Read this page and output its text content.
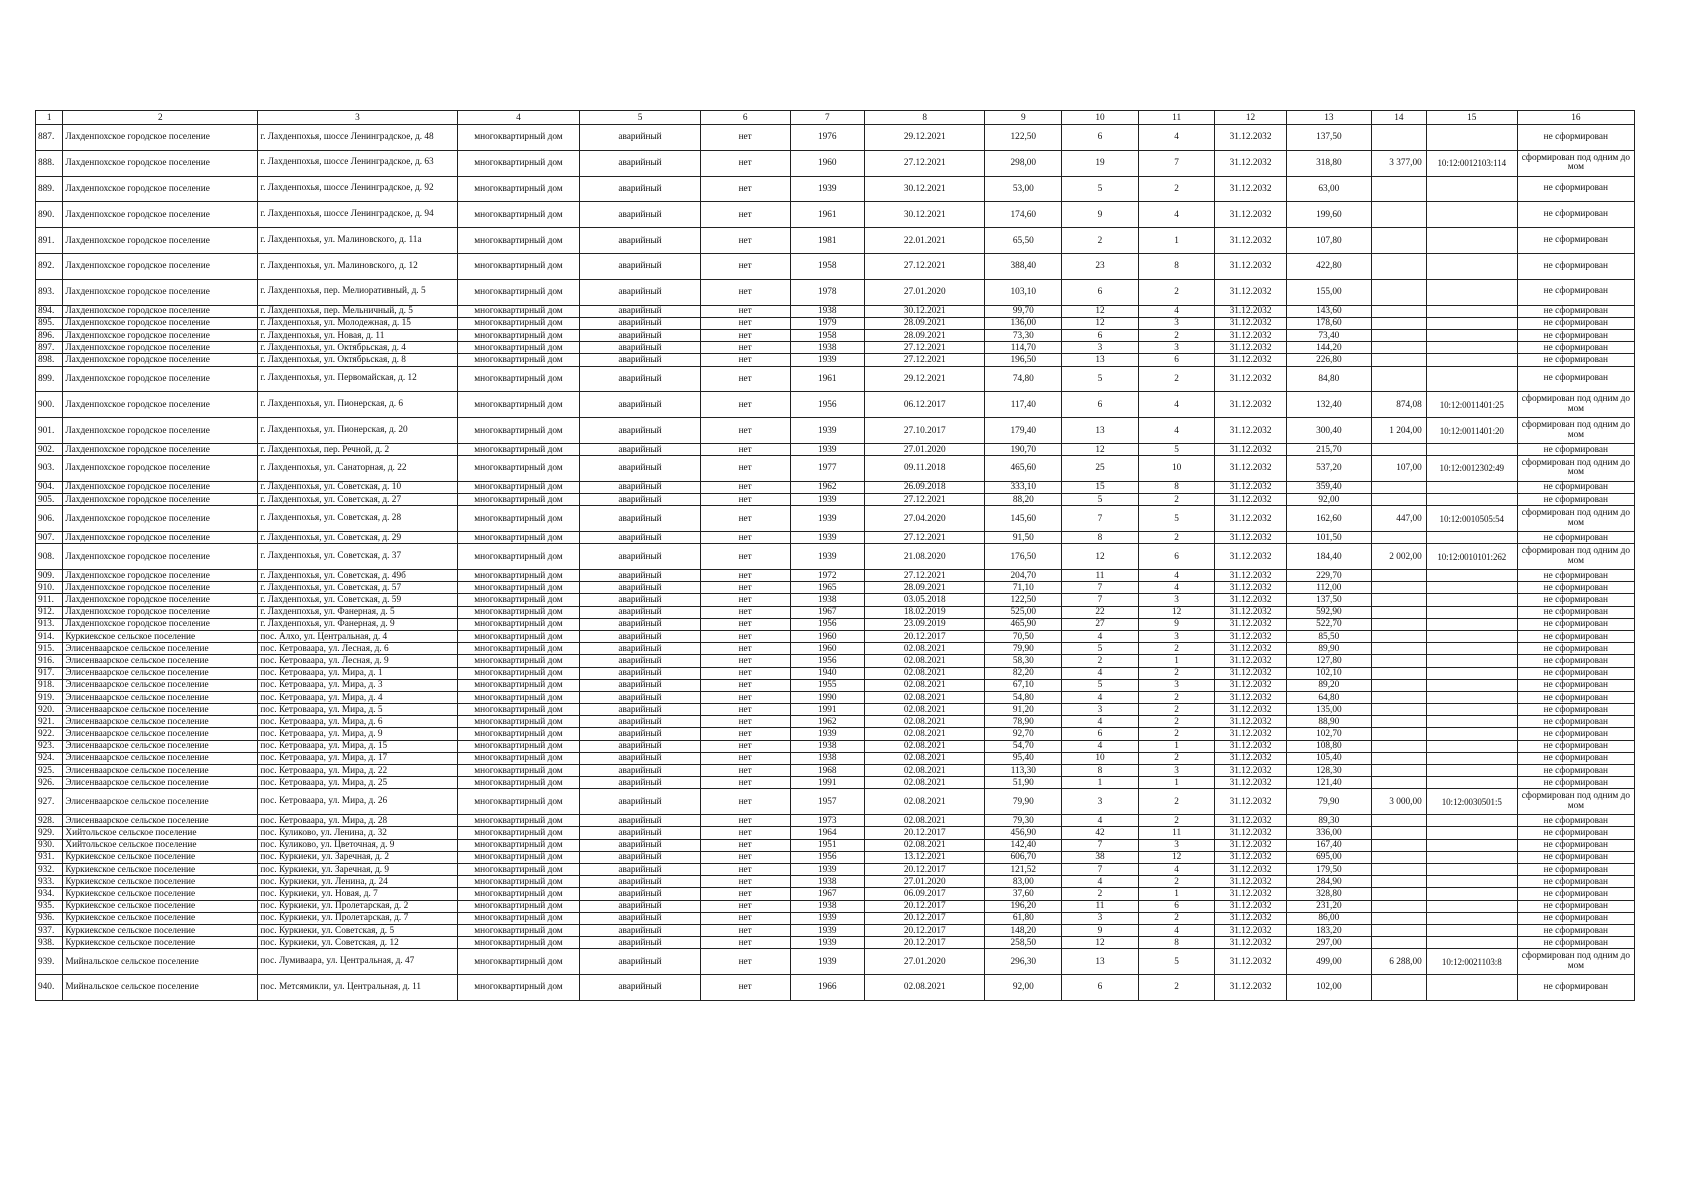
1	2	3	4	5	6	7	8	9	10	11	12	13	14	15	16
887.	Лахденпохское городское поселение	г. Лахденпохья, шоссе Ленинградское, д. 48	многоквартирный дом	аварийный	нет	1976	29.12.2021	122,50	6	4	31.12.2032	137,50			не сформирован
888.	Лахденпохское городское поселение	г. Лахденпохья, шоссе Ленинградское, д. 63	многоквартирный дом	аварийный	нет	1960	27.12.2021	298,00	19	7	31.12.2032	318,80	3 377,00	10:12:0012103:114	сформирован под одним домом
889.	Лахденпохское городское поселение	г. Лахденпохья, шоссе Ленинградское, д. 92	многоквартирный дом	аварийный	нет	1939	30.12.2021	53,00	5	2	31.12.2032	63,00			не сформирован
890.	Лахденпохское городское поселение	г. Лахденпохья, шоссе Ленинградское, д. 94	многоквартирный дом	аварийный	нет	1961	30.12.2021	174,60	9	4	31.12.2032	199,60			не сформирован
891.	Лахденпохское городское поселение	г. Лахденпохья, ул. Малиновского, д. 11а	многоквартирный дом	аварийный	нет	1981	22.01.2021	65,50	2	1	31.12.2032	107,80			не сформирован
892.	Лахденпохское городское поселение	г. Лахденпохья, ул. Малиновского, д. 12	многоквартирный дом	аварийный	нет	1958	27.12.2021	388,40	23	8	31.12.2032	422,80			не сформирован
893.	Лахденпохское городское поселение	г. Лахденпохья, пер. Мелиоративный, д. 5	многоквартирный дом	аварийный	нет	1978	27.01.2020	103,10	6	2	31.12.2032	155,00			не сформирован
894.	Лахденпохское городское поселение	г. Лахденпохья, пер. Мельничный, д. 5	многоквартирный дом	аварийный	нет	1938	30.12.2021	99,70	12	4	31.12.2032	143,60			не сформирован
895.	Лахденпохское городское поселение	г. Лахденпохья, ул. Молодежная, д. 15	многоквартирный дом	аварийный	нет	1979	28.09.2021	136,00	12	3	31.12.2032	178,60			не сформирован
896.	Лахденпохское городское поселение	г. Лахденпохья, ул. Новая, д. 11	многоквартирный дом	аварийный	нет	1958	28.09.2021	73,30	6	2	31.12.2032	73,40			не сформирован
897.	Лахденпохское городское поселение	г. Лахденпохья, ул. Октябрьская, д. 4	многоквартирный дом	аварийный	нет	1938	27.12.2021	114,70	3	3	31.12.2032	144,20			не сформирован
898.	Лахденпохское городское поселение	г. Лахденпохья, ул. Октябрьская, д. 8	многоквартирный дом	аварийный	нет	1939	27.12.2021	196,50	13	6	31.12.2032	226,80			не сформирован
899.	Лахденпохское городское поселение	г. Лахденпохья, ул. Первомайская, д. 12	многоквартирный дом	аварийный	нет	1961	29.12.2021	74,80	5	2	31.12.2032	84,80			не сформирован
900.	Лахденпохское городское поселение	г. Лахденпохья, ул. Пионерская, д. 6	многоквартирный дом	аварийный	нет	1956	06.12.2017	117,40	6	4	31.12.2032	132,40	874,08	10:12:0011401:25	сформирован под одним домом
901.	Лахденпохское городское поселение	г. Лахденпохья, ул. Пионерская, д. 20	многоквартирный дом	аварийный	нет	1939	27.10.2017	179,40	13	4	31.12.2032	300,40	1 204,00	10:12:0011401:20	сформирован под одним домом
902.	Лахденпохское городское поселение	г. Лахденпохья, пер. Речной, д. 2	многоквартирный дом	аварийный	нет	1939	27.01.2020	190,70	12	5	31.12.2032	215,70			не сформирован
903.	Лахденпохское городское поселение	г. Лахденпохья, ул. Санаторная, д. 22	многоквартирный дом	аварийный	нет	1977	09.11.2018	465,60	25	10	31.12.2032	537,20	107,00	10:12:0012302:49	сформирован под одним домом
904.	Лахденпохское городское поселение	г. Лахденпохья, ул. Советская, д. 10	многоквартирный дом	аварийный	нет	1962	26.09.2018	333,10	15	8	31.12.2032	359,40			не сформирован
905.	Лахденпохское городское поселение	г. Лахденпохья, ул. Советская, д. 27	многоквартирный дом	аварийный	нет	1939	27.12.2021	88,20	5	2	31.12.2032	92,00			не сформирован
906.	Лахденпохское городское поселение	г. Лахденпохья, ул. Советская, д. 28	многоквартирный дом	аварийный	нет	1939	27.04.2020	145,60	7	5	31.12.2032	162,60	447,00	10:12:0010505:54	сформирован под одним домом
907.	Лахденпохское городское поселение	г. Лахденпохья, ул. Советская, д. 29	многоквартирный дом	аварийный	нет	1939	27.12.2021	91,50	8	2	31.12.2032	101,50			не сформирован
908.	Лахденпохское городское поселение	г. Лахденпохья, ул. Советская, д. 37	многоквартирный дом	аварийный	нет	1939	21.08.2020	176,50	12	6	31.12.2032	184,40	2 002,00	10:12:0010101:262	сформирован под одним домом
909.	Лахденпохское городское поселение	г. Лахденпохья, ул. Советская, д. 49б	многоквартирный дом	аварийный	нет	1972	27.12.2021	204,70	11	4	31.12.2032	229,70			не сформирован
910.	Лахденпохское городское поселение	г. Лахденпохья, ул. Советская, д. 57	многоквартирный дом	аварийный	нет	1965	28.09.2021	71,10	7	4	31.12.2032	112,00			не сформирован
911.	Лахденпохское городское поселение	г. Лахденпохья, ул. Советская, д. 59	многоквартирный дом	аварийный	нет	1938	03.05.2018	122,50	7	3	31.12.2032	137,50			не сформирован
912.	Лахденпохское городское поселение	г. Лахденпохья, ул. Фанерная, д. 5	многоквартирный дом	аварийный	нет	1967	18.02.2019	525,00	22	12	31.12.2032	592,90			не сформирован
913.	Лахденпохское городское поселение	г. Лахденпохья, ул. Фанерная, д. 9	многоквартирный дом	аварийный	нет	1956	23.09.2019	465,90	27	9	31.12.2032	522,70			не сформирован
914.	Куркиекское сельское поселение	пос. Алхо, ул. Центральная, д. 4	многоквартирный дом	аварийный	нет	1960	20.12.2017	70,50	4	3	31.12.2032	85,50			не сформирован
915.	Элисенваарское сельское поселение	пос. Кетроваара, ул. Лесная, д. 6	многоквартирный дом	аварийный	нет	1960	02.08.2021	79,90	5	2	31.12.2032	89,90			не сформирован
916.	Элисенваарское сельское поселение	пос. Кетроваара, ул. Лесная, д. 9	многоквартирный дом	аварийный	нет	1956	02.08.2021	58,30	2	1	31.12.2032	127,80			не сформирован
917.	Элисенваарское сельское поселение	пос. Кетроваара, ул. Мира, д. 1	многоквартирный дом	аварийный	нет	1940	02.08.2021	82,20	4	2	31.12.2032	102,10			не сформирован
918.	Элисенваарское сельское поселение	пос. Кетроваара, ул. Мира, д. 3	многоквартирный дом	аварийный	нет	1955	02.08.2021	67,10	5	3	31.12.2032	89,20			не сформирован
919.	Элисенваарское сельское поселение	пос. Кетроваара, ул. Мира, д. 4	многоквартирный дом	аварийный	нет	1990	02.08.2021	54,80	4	2	31.12.2032	64,80			не сформирован
920.	Элисенваарское сельское поселение	пос. Кетроваара, ул. Мира, д. 5	многоквартирный дом	аварийный	нет	1991	02.08.2021	91,20	3	2	31.12.2032	135,00			не сформирован
921.	Элисенваарское сельское поселение	пос. Кетроваара, ул. Мира, д. 6	многоквартирный дом	аварийный	нет	1962	02.08.2021	78,90	4	2	31.12.2032	88,90			не сформирован
922.	Элисенваарское сельское поселение	пос. Кетроваара, ул. Мира, д. 9	многоквартирный дом	аварийный	нет	1939	02.08.2021	92,70	6	2	31.12.2032	102,70			не сформирован
923.	Элисенваарское сельское поселение	пос. Кетроваара, ул. Мира, д. 15	многоквартирный дом	аварийный	нет	1938	02.08.2021	54,70	4	1	31.12.2032	108,80			не сформирован
924.	Элисенваарское сельское поселение	пос. Кетроваара, ул. Мира, д. 17	многоквартирный дом	аварийный	нет	1938	02.08.2021	95,40	10	2	31.12.2032	105,40			не сформирован
925.	Элисенваарское сельское поселение	пос. Кетроваара, ул. Мира, д. 22	многоквартирный дом	аварийный	нет	1968	02.08.2021	113,30	8	3	31.12.2032	128,30			не сформирован
926.	Элисенваарское сельское поселение	пос. Кетроваара, ул. Мира, д. 25	многоквартирный дом	аварийный	нет	1991	02.08.2021	51,90	1	1	31.12.2032	121,40			не сформирован
927.	Элисенваарское сельское поселение	пос. Кетроваара, ул. Мира, д. 26	многоквартирный дом	аварийный	нет	1957	02.08.2021	79,90	3	2	31.12.2032	79,90	3 000,00	10:12:0030501:5	сформирован под одним домом
928.	Элисенваарское сельское поселение	пос. Кетроваара, ул. Мира, д. 28	многоквартирный дом	аварийный	нет	1973	02.08.2021	79,30	4	2	31.12.2032	89,30			не сформирован
929.	Хийтольское сельское поселение	пос. Куликово, ул. Ленина, д. 32	многоквартирный дом	аварийный	нет	1964	20.12.2017	456,90	42	11	31.12.2032	336,00			не сформирован
930.	Хийтольское сельское поселение	пос. Куликово, ул. Цветочная, д. 9	многоквартирный дом	аварийный	нет	1951	02.08.2021	142,40	7	3	31.12.2032	167,40			не сформирован
931.	Куркиекское сельское поселение	пос. Куркиеки, ул. Заречная, д. 2	многоквартирный дом	аварийный	нет	1956	13.12.2021	606,70	38	12	31.12.2032	695,00			не сформирован
932.	Куркиекское сельское поселение	пос. Куркиеки, ул. Заречная, д. 9	многоквартирный дом	аварийный	нет	1939	20.12.2017	121,52	7	4	31.12.2032	179,50			не сформирован
933.	Куркиекское сельское поселение	пос. Куркиеки, ул. Ленина, д. 24	многоквартирный дом	аварийный	нет	1938	27.01.2020	83,00	4	2	31.12.2032	284,90			не сформирован
934.	Куркиекское сельское поселение	пос. Куркиеки, ул. Новая, д. 7	многоквартирный дом	аварийный	нет	1967	06.09.2017	37,60	2	1	31.12.2032	328,80			не сформирован
935.	Куркиекское сельское поселение	пос. Куркиеки, ул. Пролетарская, д. 2	многоквартирный дом	аварийный	нет	1938	20.12.2017	196,20	11	6	31.12.2032	231,20			не сформирован
936.	Куркиекское сельское поселение	пос. Куркиеки, ул. Пролетарская, д. 7	многоквартирный дом	аварийный	нет	1939	20.12.2017	61,80	3	2	31.12.2032	86,00			не сформирован
937.	Куркиекское сельское поселение	пос. Куркиеки, ул. Советская, д. 5	многоквартирный дом	аварийный	нет	1939	20.12.2017	148,20	9	4	31.12.2032	183,20			не сформирован
938.	Куркиекское сельское поселение	пос. Куркиеки, ул. Советская, д. 12	многоквартирный дом	аварийный	нет	1939	20.12.2017	258,50	12	8	31.12.2032	297,00			не сформирован
939.	Мийнальское сельское поселение	пос. Лумиваара, ул. Центральная, д. 47	многоквартирный дом	аварийный	нет	1939	27.01.2020	296,30	13	5	31.12.2032	499,00	6 288,00	10:12:0021103:8	сформирован под одним домом
940.	Мийнальское сельское поселение	пос. Метсямикли, ул. Центральная, д. 11	многоквартирный дом	аварийный	нет	1966	02.08.2021	92,00	6	2	31.12.2032	102,00			не сформирован
